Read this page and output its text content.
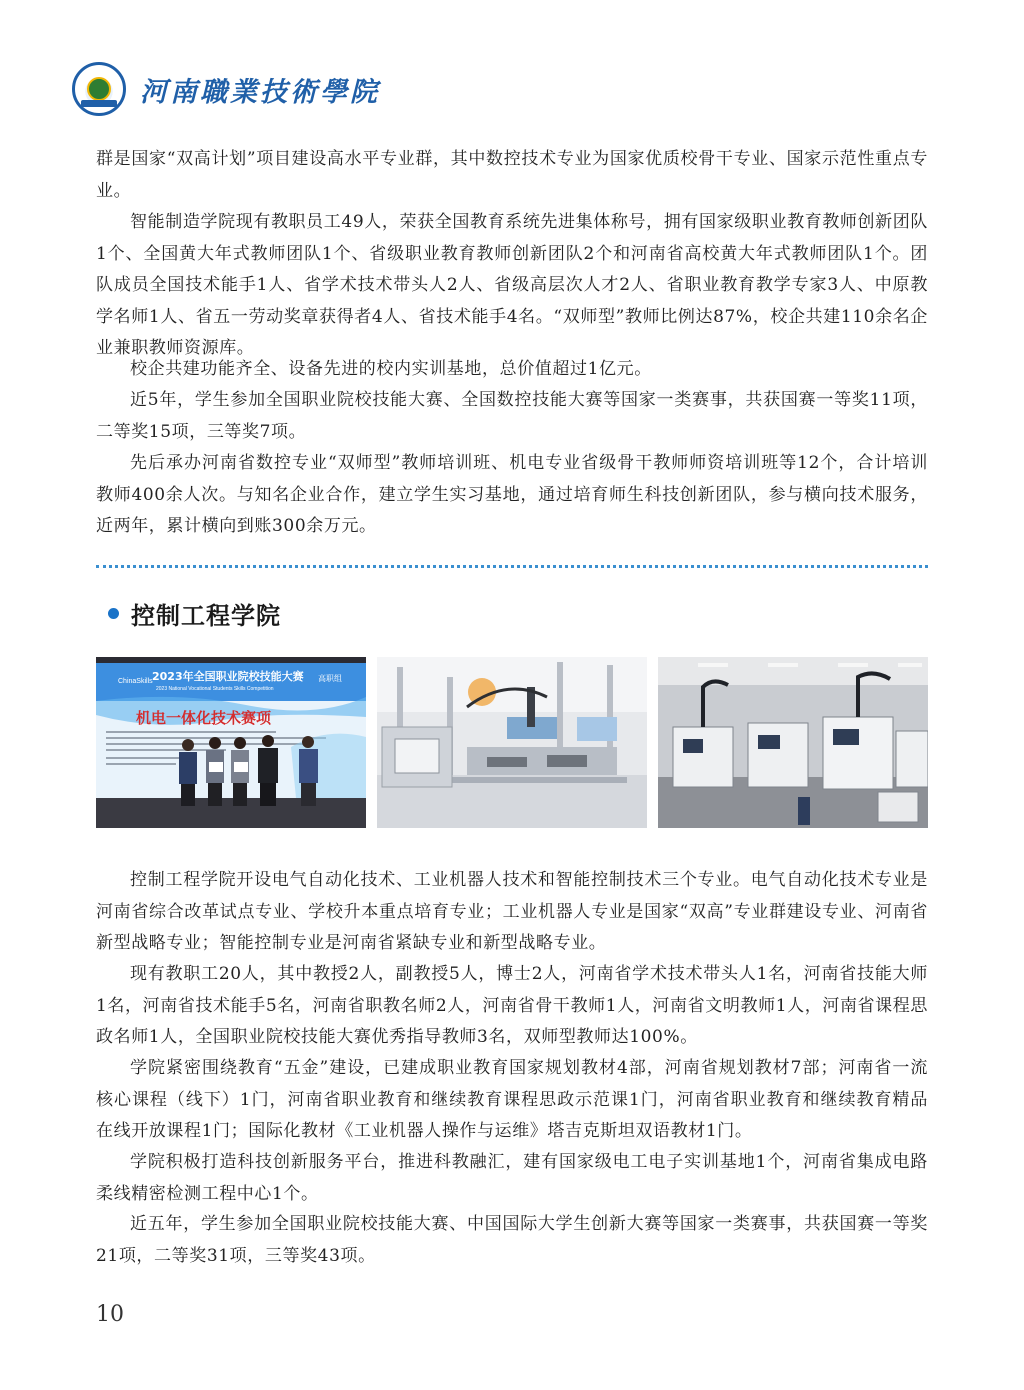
河南職業技術學院

群是国家“双高计划”项目建设高水平专业群，其中数控技术专业为国家优质校骨干专业、国家示范性重点专业。

智能制造学院现有教职员工49人，荣获全国教育系统先进集体称号，拥有国家级职业教育教师创新团队1个、全国黄大年式教师团队1个、省级职业教育教师创新团队2个和河南省高校黄大年式教师团队1个。团队成员全国技术能手1人、省学术技术带头人2人、省级高层次人才2人、省职业教育教学专家3人、中原教学名师1人、省五一劳动奖章获得者4人、省技术能手4名。“双师型”教师比例达87%，校企共建110余名企业兼职教师资源库。

校企共建功能齐全、设备先进的校内实训基地，总价值超过1亿元。

近5年，学生参加全国职业院校技能大赛、全国数控技能大赛等国家一类赛事，共获国赛一等奖11项，二等奖15项，三等奖7项。

先后承办河南省数控专业“双师型”教师培训班、机电专业省级骨干教师师资培训班等12个，合计培训教师400余人次。与知名企业合作，建立学生实习基地，通过培育师生科技创新团队，参与横向技术服务，近两年，累计横向到账300余万元。

控制工程学院
ChinaSkills 2023年全国职业院校技能大赛
2023 National Vocational Students Skills Competition
高职组
机电一体化技术赛项

控制工程学院开设电气自动化技术、工业机器人技术和智能控制技术三个专业。电气自动化技术专业是河南省综合改革试点专业、学校升本重点培育专业；工业机器人专业是国家“双高”专业群建设专业、河南省新型战略专业；智能控制专业是河南省紧缺专业和新型战略专业。

现有教职工20人，其中教授2人，副教授5人，博士2人，河南省学术技术带头人1名，河南省技能大师1名，河南省技术能手5名，河南省职教名师2人，河南省骨干教师1人，河南省文明教师1人，河南省课程思政名师1人，全国职业院校技能大赛优秀指导教师3名，双师型教师达100%。

学院紧密围绕教育“五金”建设，已建成职业教育国家规划教材4部，河南省规划教材7部；河南省一流核心课程（线下）1门，河南省职业教育和继续教育课程思政示范课1门，河南省职业教育和继续教育精品在线开放课程1门；国际化教材《工业机器人操作与运维》塔吉克斯坦双语教材1门。

学院积极打造科技创新服务平台，推进科教融汇，建有国家级电工电子实训基地1个，河南省集成电路柔线精密检测工程中心1个。

近五年，学生参加全国职业院校技能大赛、中国国际大学生创新大赛等国家一类赛事，共获国赛一等奖 21项，二等奖31项，三等奖43项。

10
